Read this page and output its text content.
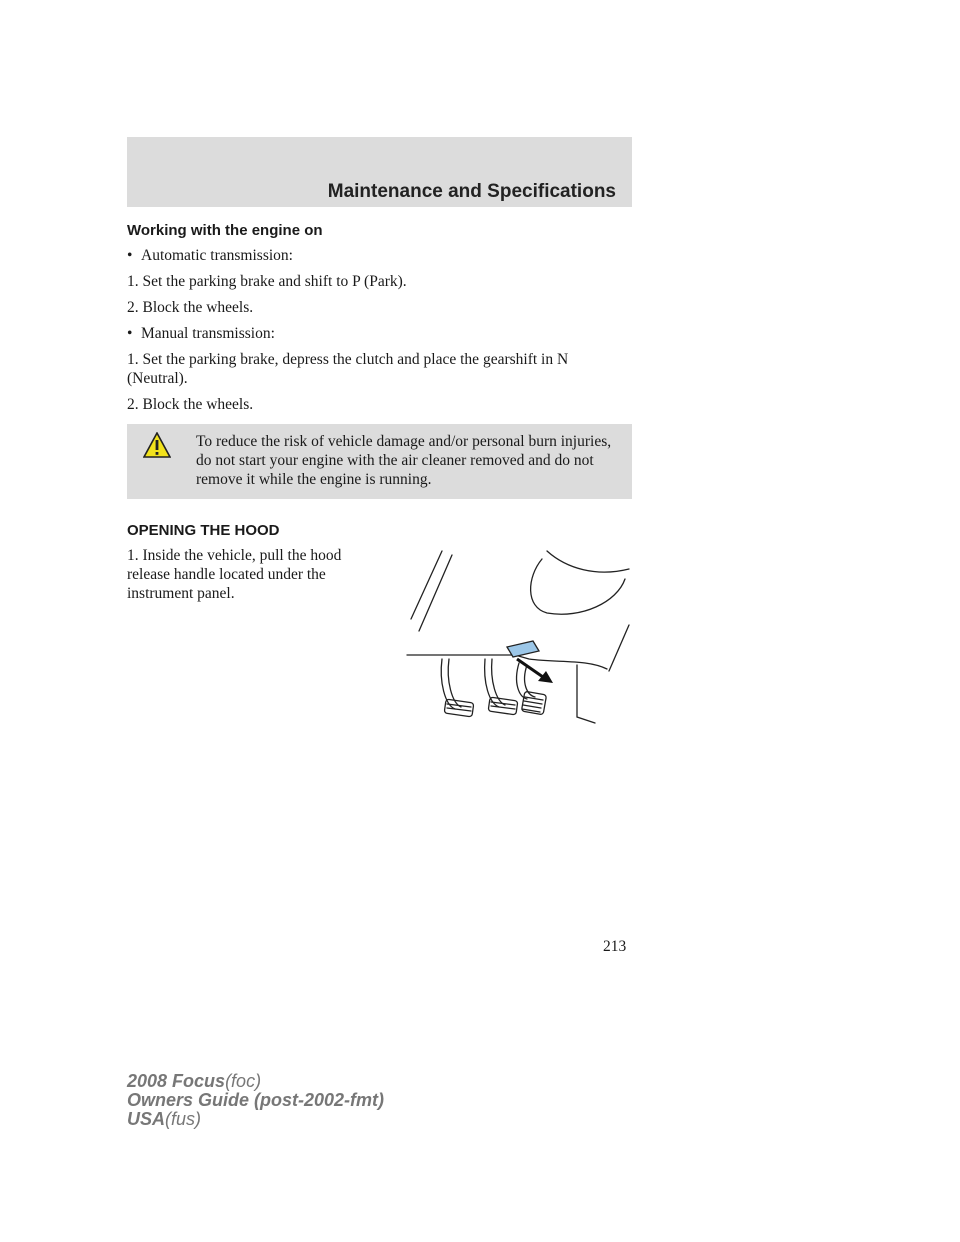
Maintenance and Specifications
Working with the engine on
• Automatic transmission:
1. Set the parking brake and shift to P (Park).
2. Block the wheels.
• Manual transmission:
1. Set the parking brake, depress the clutch and place the gearshift in N (Neutral).
2. Block the wheels.
To reduce the risk of vehicle damage and/or personal burn injuries, do not start your engine with the air cleaner removed and do not remove it while the engine is running.
OPENING THE HOOD
1. Inside the vehicle, pull the hood release handle located under the instrument panel.
213
2008 Focus(foc)
Owners Guide (post-2002-fmt)
USA(fus)
